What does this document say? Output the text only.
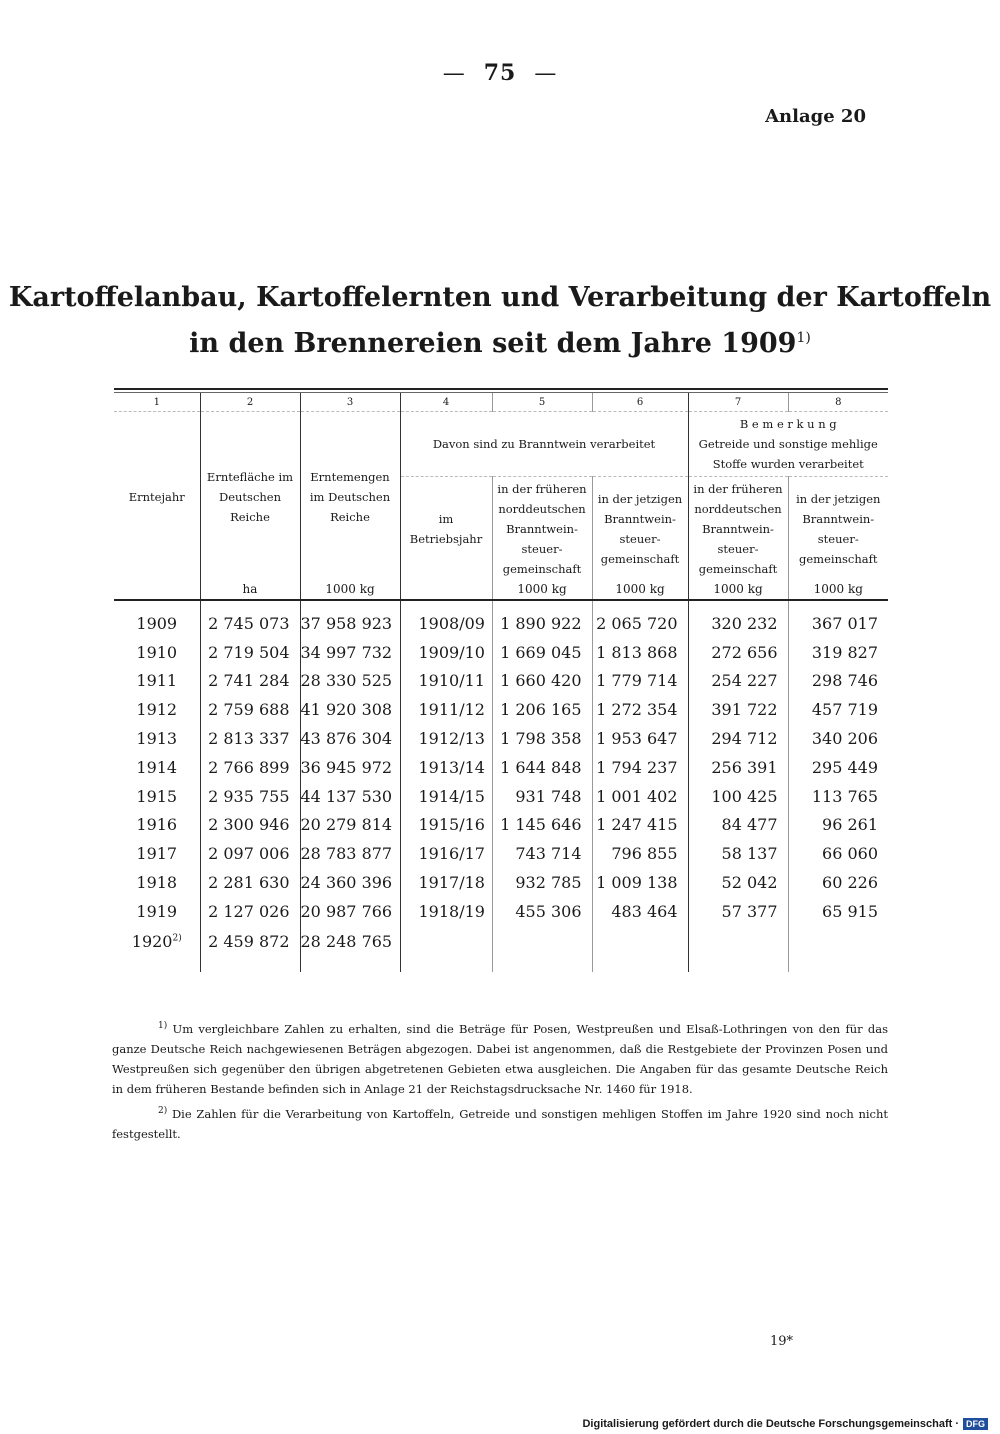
— 75 —
Anlage 20
Kartoffelanbau, Kartoffelernten und Verarbeitung der Kartoffeln
in den Brennereien seit dem Jahre 1909$^{1)}$
1	2	3	4	5	6	7	8
Erntejahr	Ernteﬂäche im Deutschen Reiche	Erntemengen im Deutschen Reiche	Davon sind zu Branntwein verarbeitet			B e m e r k u n g
Getreide und sonstige mehlige Stoffe wurden verarbeitet	

			im Betriebsjahr	in der früheren norddeutschen Branntwein-steuer-gemeinschaft	in der jetzigen Branntwein-steuer-gemeinschaft	in der früheren norddeutschen Branntwein-steuer-gemeinschaft	in der jetzigen Branntwein-steuer-gemeinschaft
	ha	1000 kg		1000 kg	1000 kg	1000 kg	1000 kg
1909	2 745 073	37 958 923	1908/09	1 890 922	2 065 720	320 232	367 017
1910	2 719 504	34 997 732	1909/10	1 669 045	1 813 868	272 656	319 827
1911	2 741 284	28 330 525	1910/11	1 660 420	1 779 714	254 227	298 746
1912	2 759 688	41 920 308	1911/12	1 206 165	1 272 354	391 722	457 719
1913	2 813 337	43 876 304	1912/13	1 798 358	1 953 647	294 712	340 206
1914	2 766 899	36 945 972	1913/14	1 644 848	1 794 237	256 391	295 449
1915	2 935 755	44 137 530	1914/15	931 748	1 001 402	100 425	113 765
1916	2 300 946	20 279 814	1915/16	1 145 646	1 247 415	84 477	96 261
1917	2 097 006	28 783 877	1916/17	743 714	796 855	58 137	66 060
1918	2 281 630	24 360 396	1917/18	932 785	1 009 138	52 042	60 226
1919	2 127 026	20 987 766	1918/19	455 306	483 464	57 377	65 915
1920$^{2)}$	2 459 872	28 248 765					

$^{1)}$ Um vergleichbare Zahlen zu erhalten, sind die Beträge für Posen, Westpreußen und Elsaß-Lothringen von den für das ganze Deutsche Reich nachgewiesenen Beträgen abgezogen. Dabei ist angenommen, daß die Restgebiete der Provinzen Posen und Westpreußen sich gegenüber den übrigen abgetretenen Gebieten etwa ausgleichen. Die Angaben für das gesamte Deutsche Reich in dem früheren Bestande befinden sich in Anlage 21 der Reichstagsdrucksache Nr. 1460 für 1918.

$^{2)}$ Die Zahlen für die Verarbeitung von Kartoffeln, Getreide und sonstigen mehligen Stoffen im Jahre 1920 sind noch nicht festgestellt.

19*
Digitalisierung gefördert durch die Deutsche Forschungsgemeinschaft · DFG
